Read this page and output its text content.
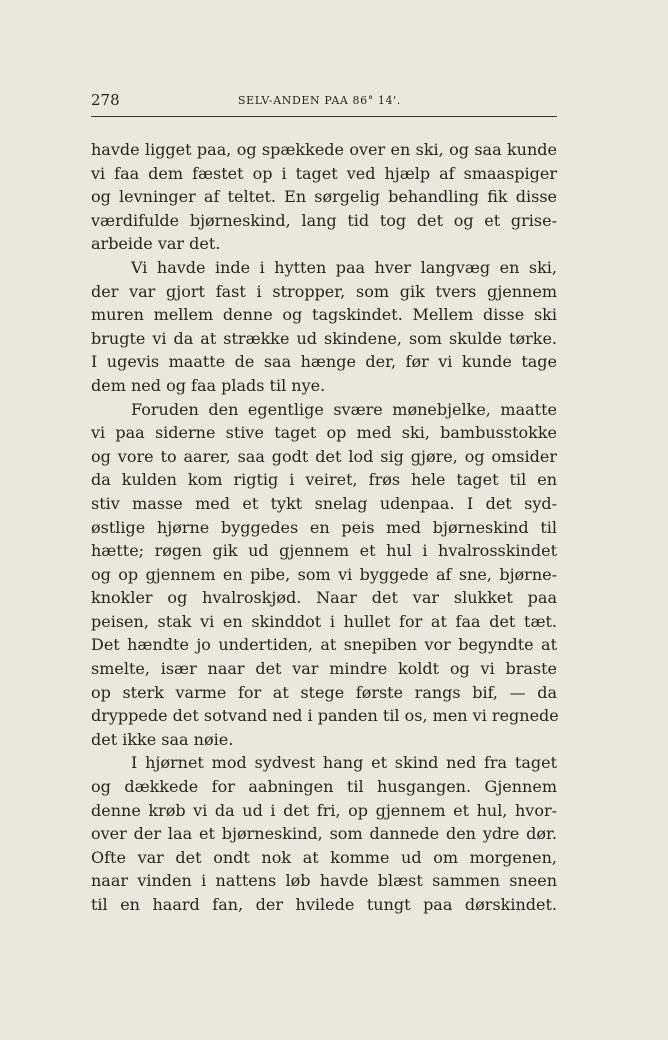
278	SELV-ANDEN PAA 86° 14'.
havde ligget paa, og spækkede over en ski, og saa kunde
vi faa dem fæstet op i taget ved hjælp af smaaspiger
og levninger af teltet. En sørgelig behandling fik disse
værdifulde bjørneskind, lang tid tog det og et grise-
arbeide var det.
Vi havde inde i hytten paa hver langvæg en ski,
der var gjort fast i stropper, som gik tvers gjennem
muren mellem denne og tagskindet. Mellem disse ski
brugte vi da at strække ud skindene, som skulde tørke.
I ugevis maatte de saa hænge der, før vi kunde tage
dem ned og faa plads til nye.
Foruden den egentlige svære mønebjelke, maatte
vi paa siderne stive taget op med ski, bambusstokke
og vore to aarer, saa godt det lod sig gjøre, og omsider
da kulden kom rigtig i veiret, frøs hele taget til en
stiv masse med et tykt snelag udenpaa. I det syd-
østlige hjørne byggedes en peis med bjørneskind til
hætte; røgen gik ud gjennem et hul i hvalrosskindet
og op gjennem en pibe, som vi byggede af sne, bjørne-
knokler og hvalroskjød. Naar det var slukket paa
peisen, stak vi en skinddot i hullet for at faa det tæt.
Det hændte jo undertiden, at snepiben vor begyndte at
smelte, især naar det var mindre koldt og vi braste
op sterk varme for at stege første rangs bif, — da
dryppede det sotvand ned i panden til os, men vi regnede
det ikke saa nøie.
I hjørnet mod sydvest hang et skind ned fra taget
og dækkede for aabningen til husgangen. Gjennem
denne krøb vi da ud i det fri, op gjennem et hul, hvor-
over der laa et bjørneskind, som dannede den ydre dør.
Ofte var det ondt nok at komme ud om morgenen,
naar vinden i nattens løb havde blæst sammen sneen
til en haard fan, der hvilede tungt paa dørskindet.
